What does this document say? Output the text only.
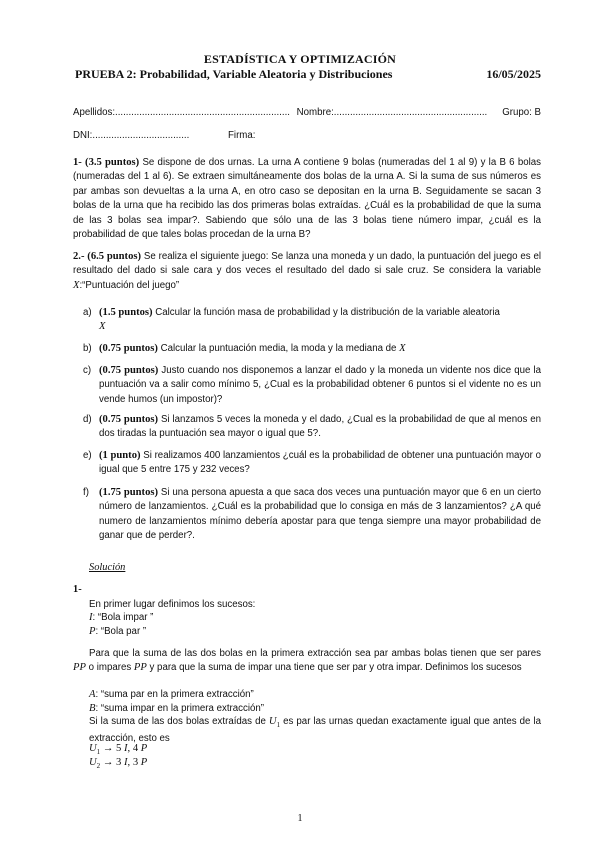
ESTADÍSTICA Y OPTIMIZACIÓN
PRUEBA 2: Probabilidad, Variable Aleatoria y Distribuciones	16/05/2025
Apellidos:................................................................. Nombre:......................................................... Grupo: B
DNI:....................................	Firma:
1- (3.5 puntos) Se dispone de dos urnas. La urna A contiene 9 bolas (numeradas del 1 al 9) y la B 6 bolas (numeradas del 1 al 6). Se extraen simultáneamente dos bolas de la urna A. Si la suma de sus números es par ambas son devueltas a la urna A, en otro caso se depositan en la urna B. Seguidamente se sacan 3 bolas de la urna que ha recibido las dos primeras bolas extraídas. ¿Cuál es la probabilidad de que la suma de las 3 bolas sea impar?. Sabiendo que sólo una de las 3 bolas tiene número impar, ¿cuál es la probabilidad de que tales bolas procedan de la urna B?
2.- (6.5 puntos) Se realiza el siguiente juego: Se lanza una moneda y un dado, la puntuación del juego es el resultado del dado si sale cara y dos veces el resultado del dado si sale cruz. Se considera la variable X:“Puntuación del juego”
a) (1.5 puntos) Calcular la función masa de probabilidad y la distribución de la variable aleatoria
X
b) (0.75 puntos) Calcular la puntuación media, la moda y la mediana de X
c) (0.75 puntos) Justo cuando nos disponemos a lanzar el dado y la moneda un vidente nos dice que la puntuación va a salir como mínimo 5, ¿Cual es la probabilidad obtener 6 puntos si el vidente no es un vende humos (un impostor)?
d) (0.75 puntos) Si lanzamos 5 veces la moneda y el dado, ¿Cual es la probabilidad de que al menos en dos tiradas la puntuación sea mayor o igual que 5?.
e) (1 punto) Si realizamos 400 lanzamientos ¿cuál es la probabilidad de obtener una puntuación mayor o igual que 5 entre 175 y 232 veces?
f) (1.75 puntos) Si una persona apuesta a que saca dos veces una puntuación mayor que 6 en un cierto número de lanzamientos. ¿Cuál es la probabilidad que lo consiga en más de 3 lanzamientos? ¿A qué numero de lanzamientos mínimo debería apostar para que tenga siempre una mayor probabilidad de ganar que de perder?.
Solución
1-
En primer lugar definimos los sucesos:
I: “Bola impar ”
P: “Bola par ”
Para que la suma de las dos bolas en la primera extracción sea par ambas bolas tienen que ser pares PP o impares PP y para que la suma de impar una tiene que ser par y otra impar. Definimos los sucesos
A: “suma par en la primera extracción”
B: “suma impar en la primera extracción”
Si la suma de las dos bolas extraídas de $U_1$ es par las urnas quedan exactamente igual que antes de la extracción, esto es
$U_1 \to 5$ I, 4 P
$U_2 \to 3$ I, 3 P
1
